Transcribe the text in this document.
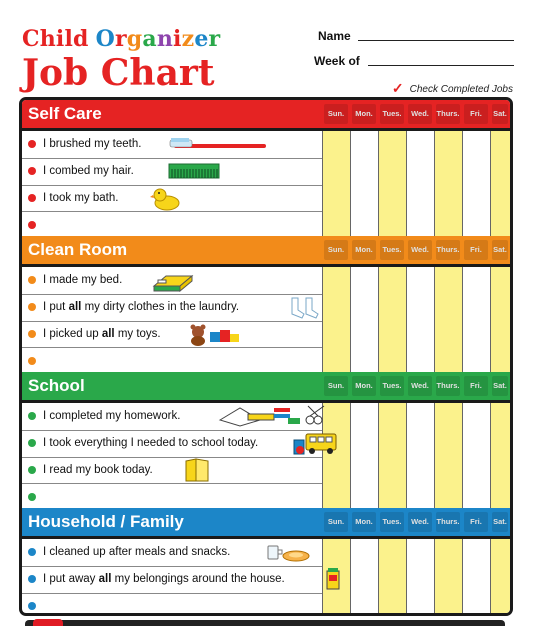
Child Organizer
Job Chart
Name
Week of
✓ Check Completed Jobs
Self Care	Sun.	Mon.	Tues.	Wed.	Thurs.	Fri.	Sat.
I brushed my teeth.
I combed my hair.
I took my bath.
Clean Room	Sun.	Mon.	Tues.	Wed.	Thurs.	Fri.	Sat.
I made my bed.
I put all my dirty clothes in the laundry.
I picked up all my toys.
School	Sun.	Mon.	Tues.	Wed.	Thurs.	Fri.	Sat.
I completed my homework.
I took everything I needed to school today.
I read my book today.
Household / Family	Sun.	Mon.	Tues.	Wed.	Thurs.	Fri.	Sat.
I cleaned up after meals and snacks.
I put away all my belongings around the house.
